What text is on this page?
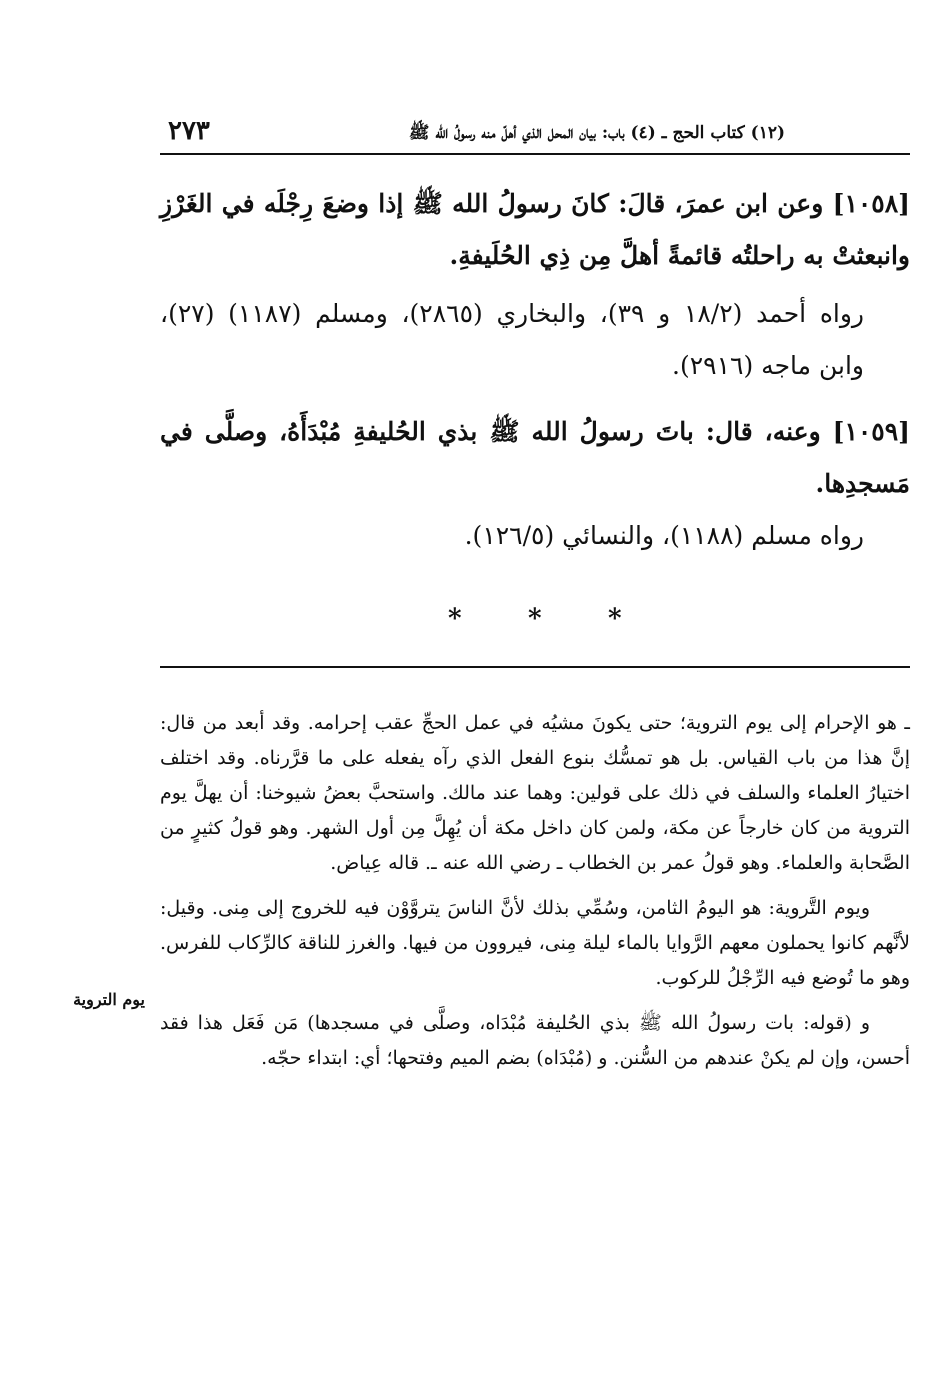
(١٢) كتاب الحج ـ (٤) باب: بيان المحل الذي أهلّ منه رسولُ الله ﷺ
٢٧٣

[١٠٥٨] وعن ابن عمرَ، قالَ: كانَ رسولُ الله ﷺ إذا وضعَ رِجْلَه في الغَرْزِ وانبعثتْ به راحلتُه قائمةً أهلَّ مِن ذِي الحُلَيفةِ.

رواه أحمد (١٨/٢ و ٣٩)، والبخاري (٢٨٦٥)، ومسلم (١١٨٧) (٢٧)، وابن ماجه (٢٩١٦).

[١٠٥٩] وعنه، قال: باتَ رسولُ الله ﷺ بذي الحُليفةِ مُبْدَأَهُ، وصلَّى في مَسجدِها.

رواه مسلم (١١٨٨)، والنسائي (١٢٦/٥).

*	*	*

ـ هو الإحرام إلى يوم التروية؛ حتى يكونَ مشيُه في عمل الحجِّ عقب إحرامه. وقد أبعد من قال: إنَّ هذا من باب القياس. بل هو تمسُّك بنوع الفعل الذي رآه يفعله على ما قرَّرناه. وقد اختلف اختيارُ العلماء والسلف في ذلك على قولين: وهما عند مالك. واستحبَّ بعضُ شيوخنا: أن يهلَّ يوم التروية من كان خارجاً عن مكة، ولمن كان داخل مكة أن يُهِلَّ مِن أول الشهر. وهو قولُ كثيرٍ من الصَّحابة والعلماء. وهو قولُ عمر بن الخطاب ـ رضي الله عنه ـ. قاله عِياض.

ويوم التَّروية: هو اليومُ الثامن، وسُمِّي بذلك لأنَّ الناسَ يتروَّوْن فيه للخروج إلى مِنى. وقيل: لأنَّهم كانوا يحملون معهم الرَّوايا بالماء ليلة مِنى، فيروون من فيها. والغرز للناقة كالرِّكاب للفرس. وهو ما تُوضع فيه الرِّجْلُ للركوب.

و (قوله: بات رسولُ الله ﷺ بذي الحُليفة مُبْدَاه، وصلَّى في مسجدها) مَن فَعَل هذا فقد أحسن، وإن لم يكنْ عندهم من السُّنن. و (مُبْدَاه) بضم الميم وفتحها؛ أي: ابتداء حجّه.

يوم التروية
